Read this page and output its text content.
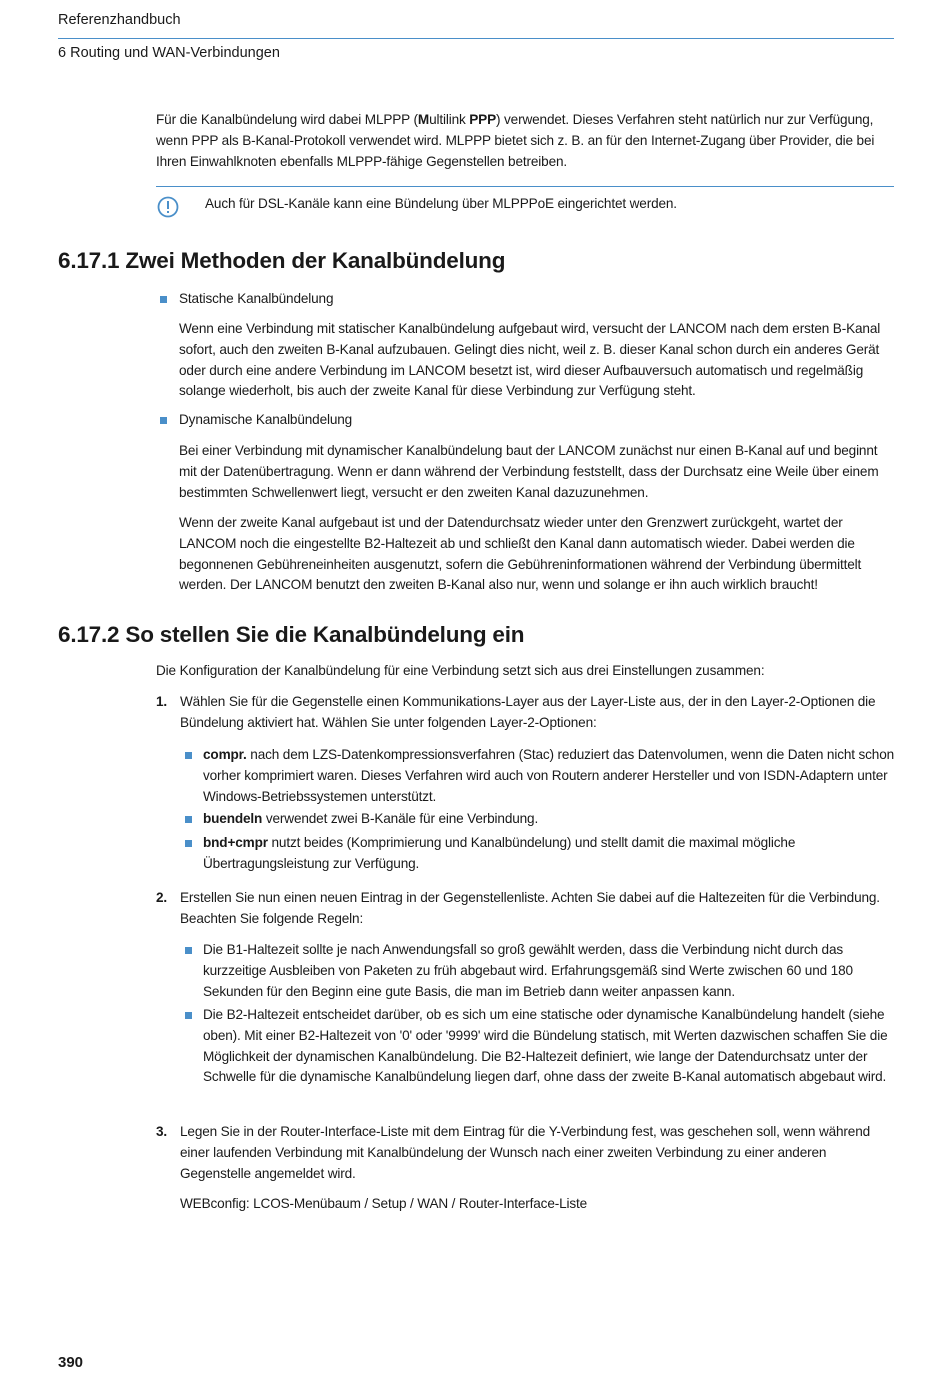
Referenzhandbuch
6 Routing und WAN-Verbindungen

Für die Kanalbündelung wird dabei MLPPP (Multilink PPP) verwendet. Dieses Verfahren steht natürlich nur zur Verfügung, wenn PPP als B-Kanal-Protokoll verwendet wird. MLPPP bietet sich z. B. an für den Internet-Zugang über Provider, die bei Ihren Einwahlknoten ebenfalls MLPPP-fähige Gegenstellen betreiben.

Auch für DSL-Kanäle kann eine Bündelung über MLPPPoE eingerichtet werden.
6.17.1 Zwei Methoden der Kanalbündelung
Statische Kanalbündelung

Wenn eine Verbindung mit statischer Kanalbündelung aufgebaut wird, versucht der LANCOM nach dem ersten B-Kanal sofort, auch den zweiten B-Kanal aufzubauen. Gelingt dies nicht, weil z. B. dieser Kanal schon durch ein anderes Gerät oder durch eine andere Verbindung im LANCOM besetzt ist, wird dieser Aufbauversuch automatisch und regelmäßig solange wiederholt, bis auch der zweite Kanal für diese Verbindung zur Verfügung steht.

Dynamische Kanalbündelung

Bei einer Verbindung mit dynamischer Kanalbündelung baut der LANCOM zunächst nur einen B-Kanal auf und beginnt mit der Datenübertragung. Wenn er dann während der Verbindung feststellt, dass der Durchsatz eine Weile über einem bestimmten Schwellenwert liegt, versucht er den zweiten Kanal dazuzunehmen.

Wenn der zweite Kanal aufgebaut ist und der Datendurchsatz wieder unter den Grenzwert zurückgeht, wartet der LANCOM noch die eingestellte B2-Haltezeit ab und schließt den Kanal dann automatisch wieder. Dabei werden die begonnenen Gebühreneinheiten ausgenutzt, sofern die Gebühreninformationen während der Verbindung übermittelt werden. Der LANCOM benutzt den zweiten B-Kanal also nur, wenn und solange er ihn auch wirklich braucht!

6.17.2 So stellen Sie die Kanalbündelung ein

Die Konfiguration der Kanalbündelung für eine Verbindung setzt sich aus drei Einstellungen zusammen:

1. Wählen Sie für die Gegenstelle einen Kommunikations-Layer aus der Layer-Liste aus, der in den Layer-2-Optionen die Bündelung aktiviert hat. Wählen Sie unter folgenden Layer-2-Optionen:

compr. nach dem LZS-Datenkompressionsverfahren (Stac) reduziert das Datenvolumen, wenn die Daten nicht schon vorher komprimiert waren. Dieses Verfahren wird auch von Routern anderer Hersteller und von ISDN-Adaptern unter Windows-Betriebssystemen unterstützt.

buendeln verwendet zwei B-Kanäle für eine Verbindung.

bnd+cmpr nutzt beides (Komprimierung und Kanalbündelung) und stellt damit die maximal mögliche Übertragungsleistung zur Verfügung.

2. Erstellen Sie nun einen neuen Eintrag in der Gegenstellenliste. Achten Sie dabei auf die Haltezeiten für die Verbindung. Beachten Sie folgende Regeln:

Die B1-Haltezeit sollte je nach Anwendungsfall so groß gewählt werden, dass die Verbindung nicht durch das kurzzeitige Ausbleiben von Paketen zu früh abgebaut wird. Erfahrungsgemäß sind Werte zwischen 60 und 180 Sekunden für den Beginn eine gute Basis, die man im Betrieb dann weiter anpassen kann.

Die B2-Haltezeit entscheidet darüber, ob es sich um eine statische oder dynamische Kanalbündelung handelt (siehe oben). Mit einer B2-Haltezeit von '0' oder '9999' wird die Bündelung statisch, mit Werten dazwischen schaffen Sie die Möglichkeit der dynamischen Kanalbündelung. Die B2-Haltezeit definiert, wie lange der Datendurchsatz unter der Schwelle für die dynamische Kanalbündelung liegen darf, ohne dass der zweite B-Kanal automatisch abgebaut wird.

3. Legen Sie in der Router-Interface-Liste mit dem Eintrag für die Y-Verbindung fest, was geschehen soll, wenn während einer laufenden Verbindung mit Kanalbündelung der Wunsch nach einer zweiten Verbindung zu einer anderen Gegenstelle angemeldet wird.

WEBconfig: LCOS-Menübaum / Setup / WAN / Router-Interface-Liste

390
